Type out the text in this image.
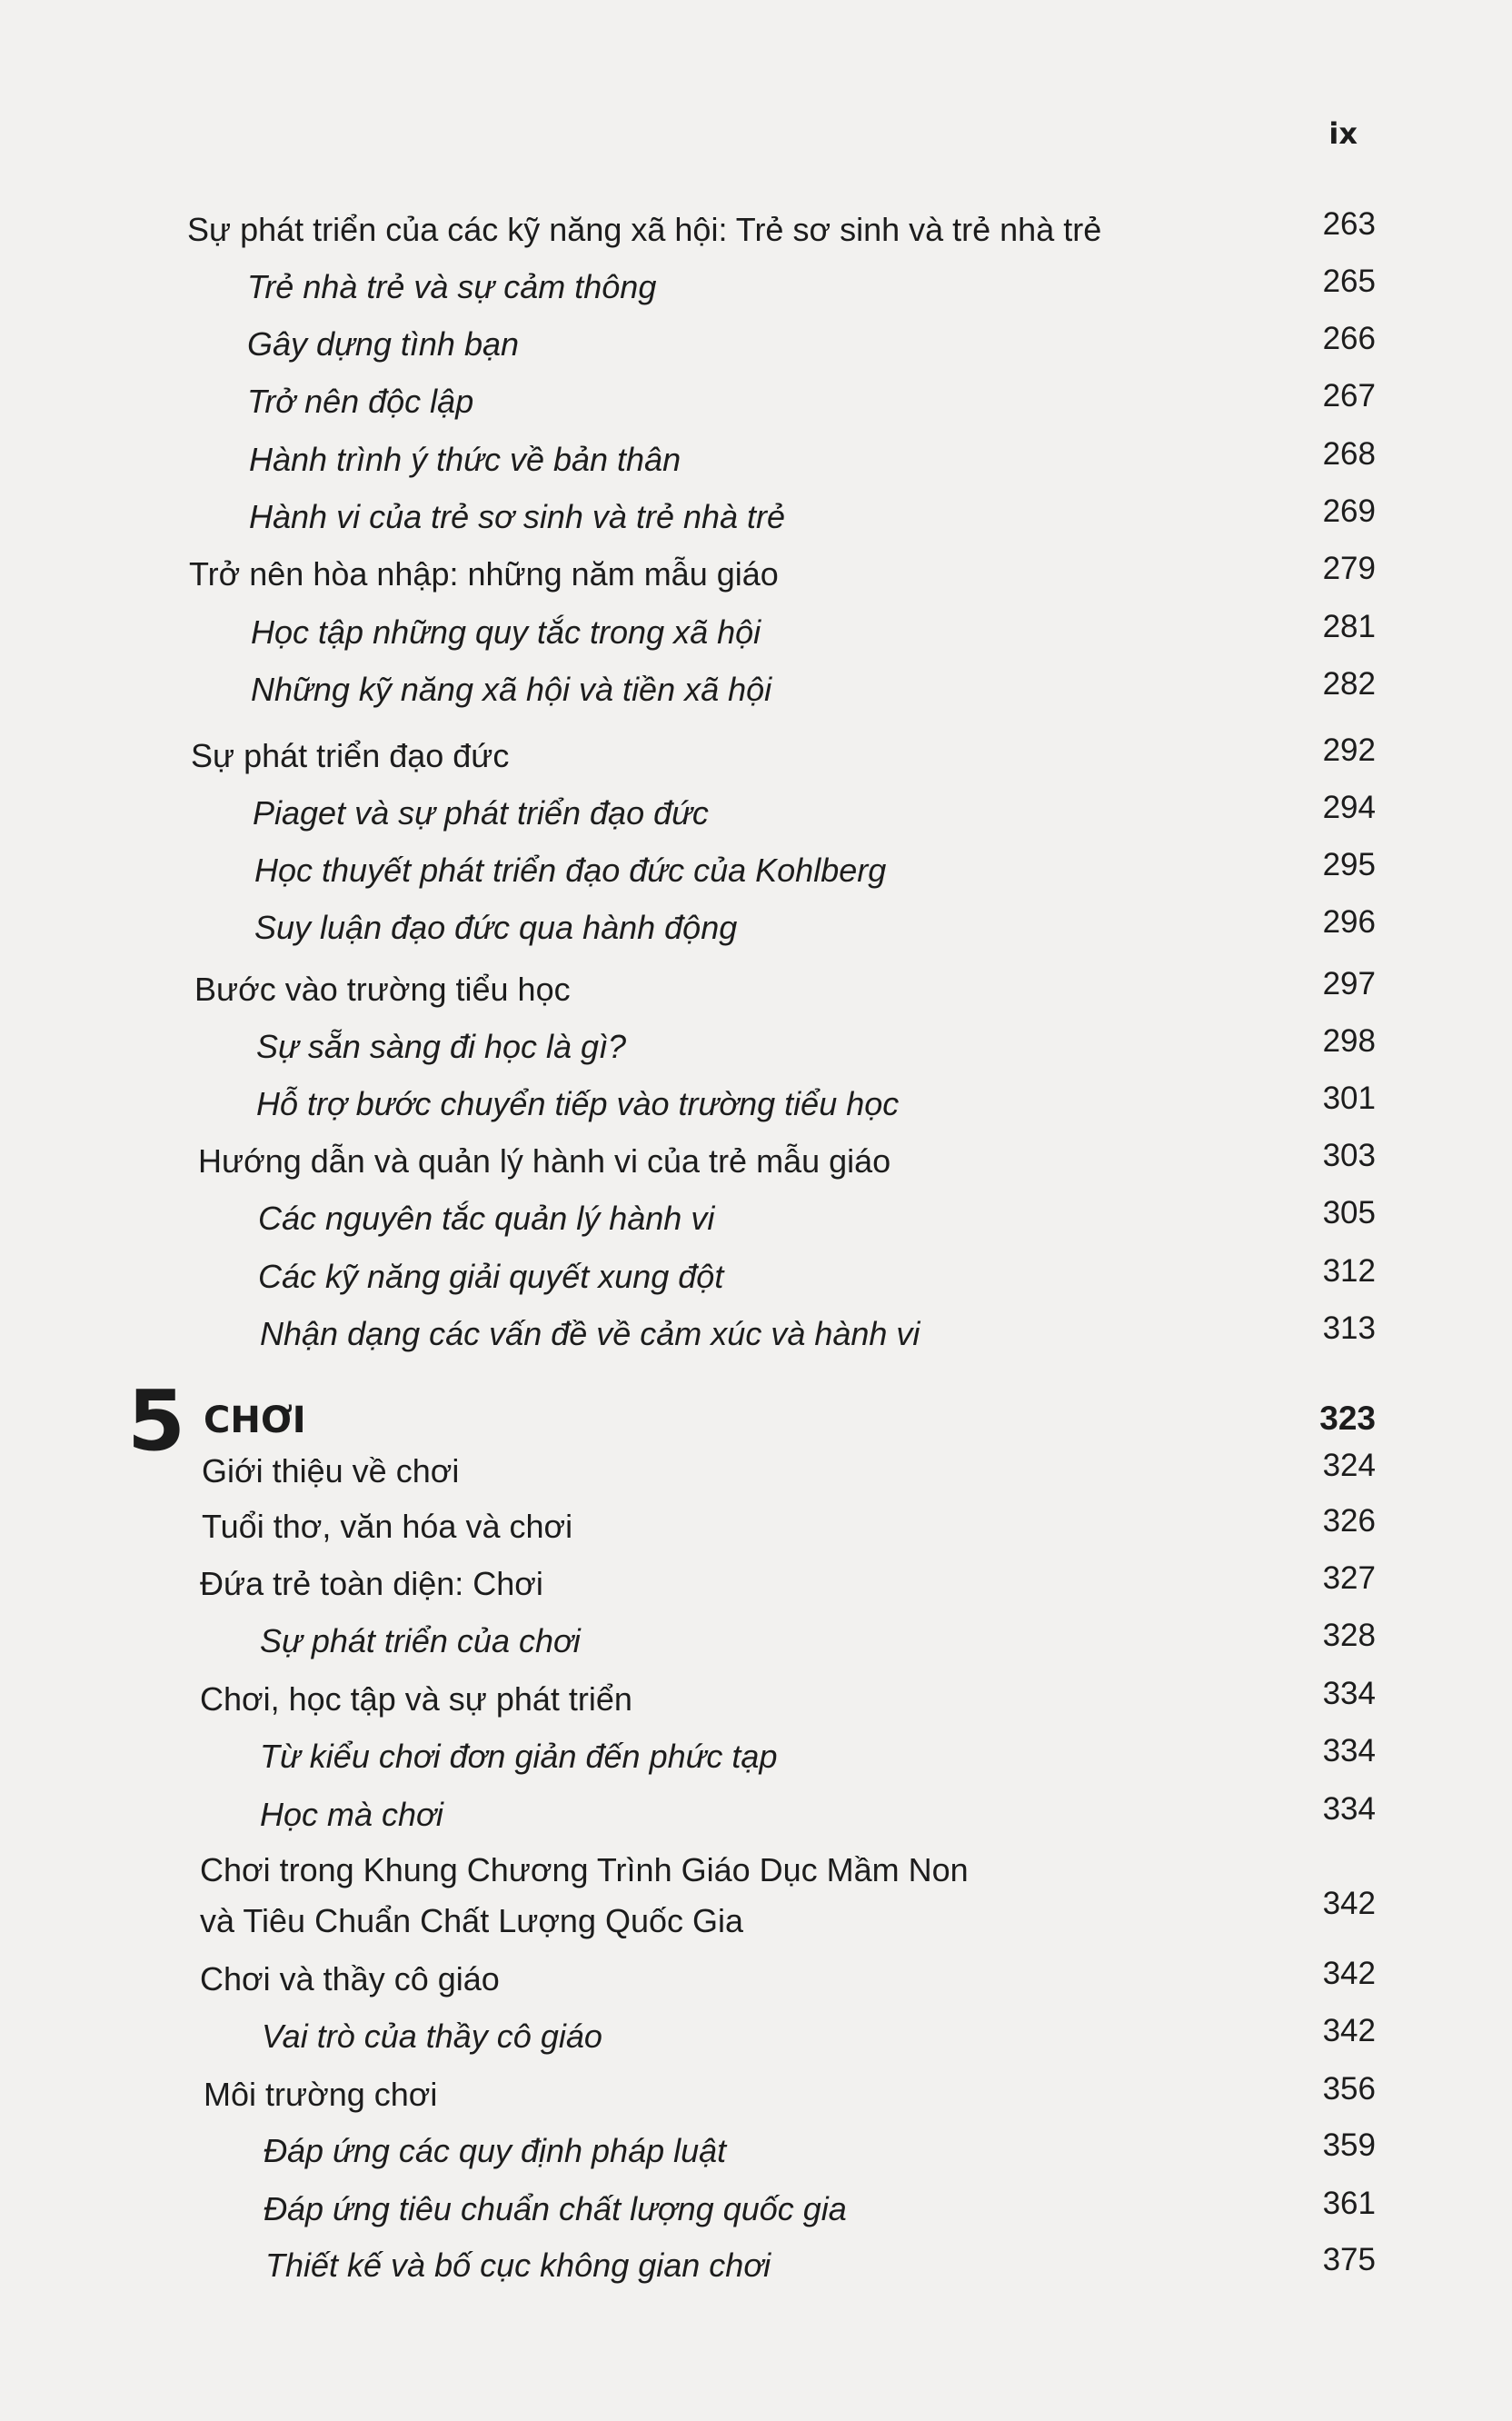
ix
Sự phát triển của các kỹ năng xã hội: Trẻ sơ sinh và trẻ nhà trẻ	263
Trẻ nhà trẻ và sự cảm thông	265
Gây dựng tình bạn	266
Trở nên độc lập	267
Hành trình ý thức về bản thân	268
Hành vi của trẻ sơ sinh và trẻ nhà trẻ	269
Trở nên hòa nhập: những năm mẫu giáo	279
Học tập những quy tắc trong xã hội	281
Những kỹ năng xã hội và tiền xã hội	282
Sự phát triển đạo đức	292
Piaget và sự phát triển đạo đức	294
Học thuyết phát triển đạo đức của Kohlberg	295
Suy luận đạo đức qua hành động	296
Bước vào trường tiểu học	297
Sự sẵn sàng đi học là gì?	298
Hỗ trợ bước chuyển tiếp vào trường tiểu học	301
Hướng dẫn và quản lý hành vi của trẻ mẫu giáo	303
Các nguyên tắc quản lý hành vi	305
Các kỹ năng giải quyết xung đột	312
Nhận dạng các vấn đề về cảm xúc và hành vi	313
5 CHƠI	323
Giới thiệu về chơi	324
Tuổi thơ, văn hóa và chơi	326
Đứa trẻ toàn diện: Chơi	327
Sự phát triển của chơi	328
Chơi, học tập và sự phát triển	334
Từ kiểu chơi đơn giản đến phức tạp	334
Học mà chơi	334
Chơi trong Khung Chương Trình Giáo Dục Mầm Non
và Tiêu Chuẩn Chất Lượng Quốc Gia	342
Chơi và thầy cô giáo	342
Vai trò của thầy cô giáo	342
Môi trường chơi	356
Đáp ứng các quy định pháp luật	359
Đáp ứng tiêu chuẩn chất lượng quốc gia	361
Thiết kế và bố cục không gian chơi	375
